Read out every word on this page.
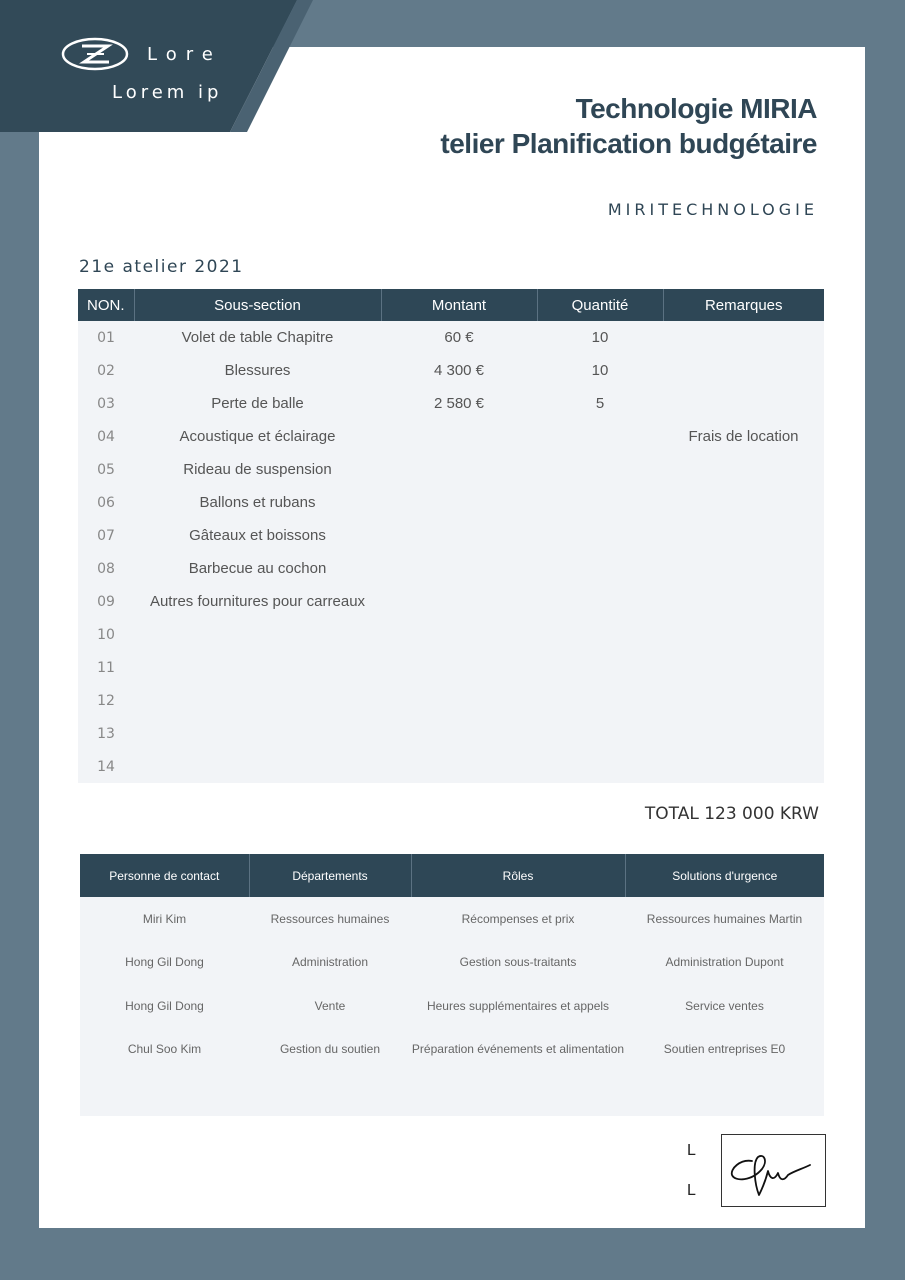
Lore
Lorem ip
Technologie MIRIA
telier Planification budgétaire
MIRITECHNOLOGIE
21e atelier 2021
NON.	Sous-section	Montant	Quantité	Remarques
01	Volet de table Chapitre	60 €	10	
02	Blessures	4 300 €	10	
03	Perte de balle	2 580 €	5	
04	Acoustique et éclairage			Frais de location
05	Rideau de suspension			
06	Ballons et rubans			
07	Gâteaux et boissons			
08	Barbecue au cochon			
09	Autres fournitures pour carreaux			
10				
11				
12				
13				
14				
TOTAL 123 000 KRW
Personne de contact	Départements	Rôles	Solutions d'urgence
Miri Kim	Ressources humaines	Récompenses et prix	Ressources humaines Martin
Hong Gil Dong	Administration	Gestion sous-traitants	Administration Dupont
Hong Gil Dong	Vente	Heures supplémentaires et appels	Service ventes
Chul Soo Kim	Gestion du soutien	Préparation événements et alimentation	Soutien entreprises E0

L
L
